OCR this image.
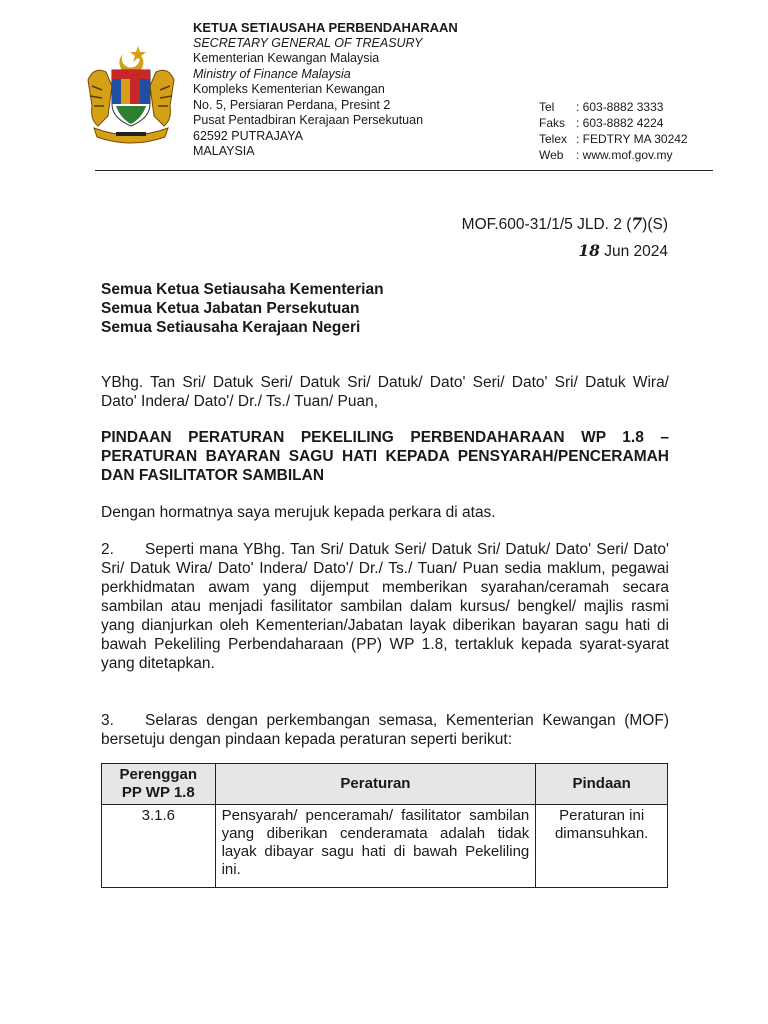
KETUA SETIAUSAHA PERBENDAHARAAN
SECRETARY GENERAL OF TREASURY
Kementerian Kewangan Malaysia
Ministry of Finance Malaysia
Kompleks Kementerian Kewangan
No. 5, Persiaran Perdana, Presint 2
Pusat Pentadbiran Kerajaan Persekutuan
62592 PUTRAJAYA
MALAYSIA
Tel	: 603-8882 3333
Faks : 603-8882 4224
Telex : FEDTRY MA 30242
Web	: www.mof.gov.my
MOF.600-31/1/5 JLD. 2 (7)(S)
18 Jun 2024
Semua Ketua Setiausaha Kementerian
Semua Ketua Jabatan Persekutuan
Semua Setiausaha Kerajaan Negeri
YBhg. Tan Sri/ Datuk Seri/ Datuk Sri/ Datuk/ Dato' Seri/ Dato' Sri/ Datuk Wira/ Dato' Indera/ Dato'/ Dr./ Ts./ Tuan/ Puan,
PINDAAN PERATURAN PEKELILING PERBENDAHARAAN WP 1.8 – PERATURAN BAYARAN SAGU HATI KEPADA PENSYARAH/PENCERAMAH DAN FASILITATOR SAMBILAN
Dengan hormatnya saya merujuk kepada perkara di atas.
2. Seperti mana YBhg. Tan Sri/ Datuk Seri/ Datuk Sri/ Datuk/ Dato' Seri/ Dato' Sri/ Datuk Wira/ Dato' Indera/ Dato'/ Dr./ Ts./ Tuan/ Puan sedia maklum, pegawai perkhidmatan awam yang dijemput memberikan syarahan/ceramah secara sambilan atau menjadi fasilitator sambilan dalam kursus/ bengkel/ majlis rasmi yang dianjurkan oleh Kementerian/Jabatan layak diberikan bayaran sagu hati di bawah Pekeliling Perbendaharaan (PP) WP 1.8, tertakluk kepada syarat-syarat yang ditetapkan.
3. Selaras dengan perkembangan semasa, Kementerian Kewangan (MOF) bersetuju dengan pindaan kepada peraturan seperti berikut:
Perenggan PP WP 1.8	Peraturan	Pindaan
3.1.6	Pensyarah/ penceramah/ fasilitator sambilan yang diberikan cenderamata adalah tidak layak dibayar sagu hati di bawah Pekeliling ini.	Peraturan ini dimansuhkan.
